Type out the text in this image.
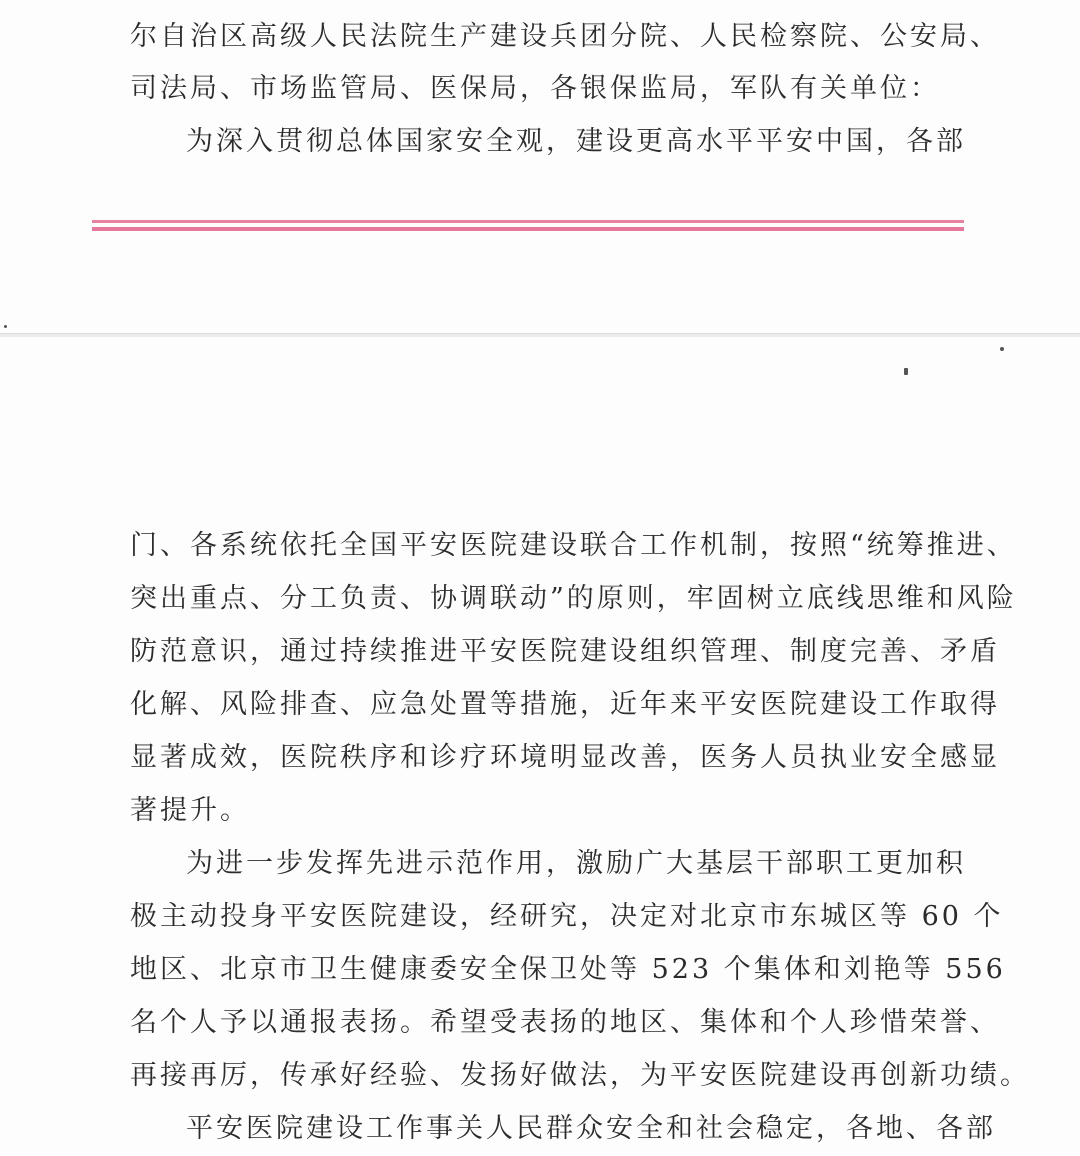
尔自治区高级人民法院生产建设兵团分院、人民检察院、公安局、
司法局、市场监管局、医保局，各银保监局，军队有关单位：
为深入贯彻总体国家安全观，建设更高水平平安中国，各部
门、各系统依托全国平安医院建设联合工作机制，按照“统筹推进、
突出重点、分工负责、协调联动”的原则，牢固树立底线思维和风险
防范意识，通过持续推进平安医院建设组织管理、制度完善、矛盾
化解、风险排查、应急处置等措施，近年来平安医院建设工作取得
显著成效，医院秩序和诊疗环境明显改善，医务人员执业安全感显
著提升。
为进一步发挥先进示范作用，激励广大基层干部职工更加积
极主动投身平安医院建设，经研究，决定对北京市东城区等 60 个
地区、北京市卫生健康委安全保卫处等 523 个集体和刘艳等 556
名个人予以通报表扬。希望受表扬的地区、集体和个人珍惜荣誉、
再接再厉，传承好经验、发扬好做法，为平安医院建设再创新功绩。
平安医院建设工作事关人民群众安全和社会稳定，各地、各部
